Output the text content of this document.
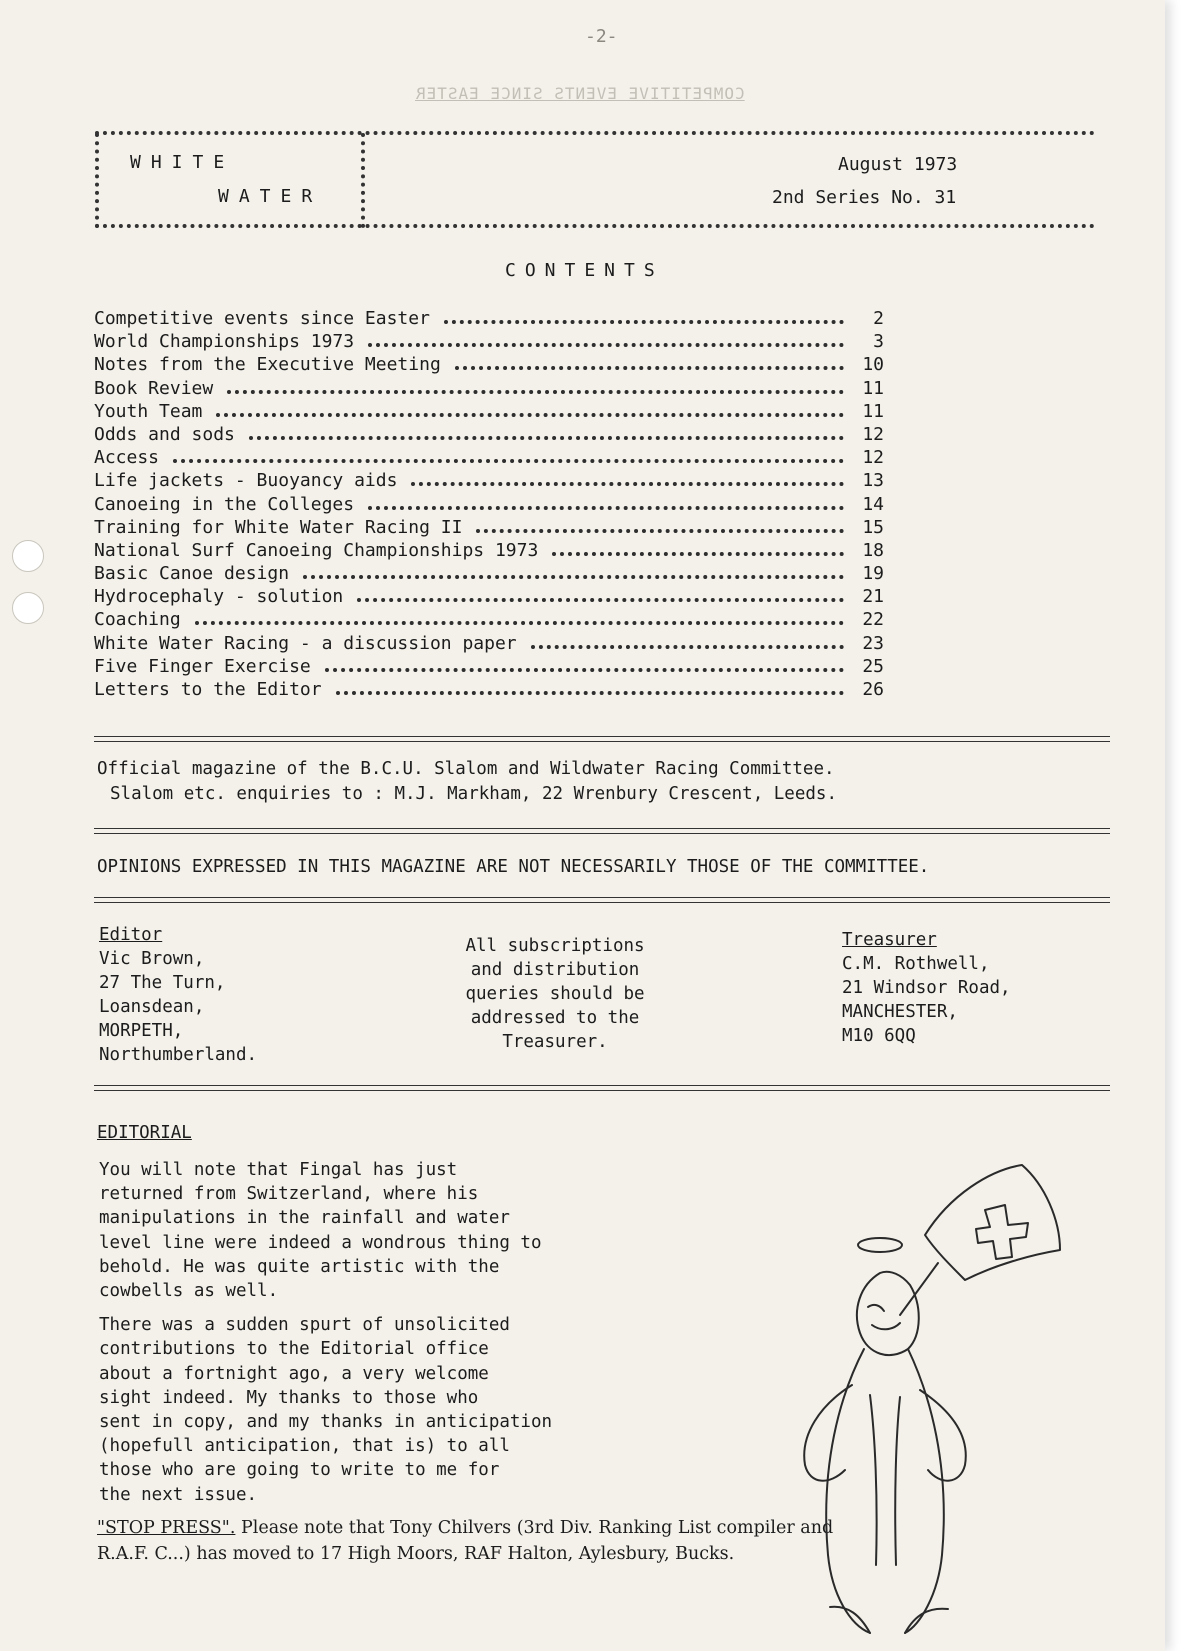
-2-
COMPETITIVE EVENTS SINCE EASTER
WHITE
WATER
August 1973
2nd Series No. 31
CONTENTS
Competitive events since Easter	2
World Championships 1973	3
Notes from the Executive Meeting	10
Book Review	11
Youth Team	11
Odds and sods	12
Access	12
Life jackets - Buoyancy aids	13
Canoeing in the Colleges	14
Training for White Water Racing II	15
National Surf Canoeing Championships 1973	18
Basic Canoe design	19
Hydrocephaly - solution	21
Coaching	22
White Water Racing - a discussion paper	23
Five Finger Exercise	25
Letters to the Editor	26
Official magazine of the B.C.U. Slalom and Wildwater Racing Committee.
Slalom etc. enquiries to : M.J. Markham, 22 Wrenbury Crescent, Leeds.
OPINIONS EXPRESSED IN THIS MAGAZINE ARE NOT NECESSARILY THOSE OF THE COMMITTEE.
Editor
Vic Brown,
27 The Turn,
Loansdean,
MORPETH,
Northumberland.
All subscriptions
and distribution
queries should be
addressed to the
Treasurer.
Treasurer
C.M. Rothwell,
21 Windsor Road,
MANCHESTER,
M10 6QQ
EDITORIAL

You will note that Fingal has just

returned from Switzerland, where his

manipulations in the rainfall and water

level line were indeed a wondrous thing to

behold. He was quite artistic with the

cowbells as well.

There was a sudden spurt of unsolicited

contributions to the Editorial office

about a fortnight ago, a very welcome

sight indeed. My thanks to those who

sent in copy, and my thanks in anticipation

(hopefull anticipation, that is) to all

those who are going to write to me for

the next issue.

"STOP PRESS". Please note that Tony Chilvers (3rd Div. Ranking List compiler and
R.A.F. C...) has moved to 17 High Moors, RAF Halton, Aylesbury, Bucks.
